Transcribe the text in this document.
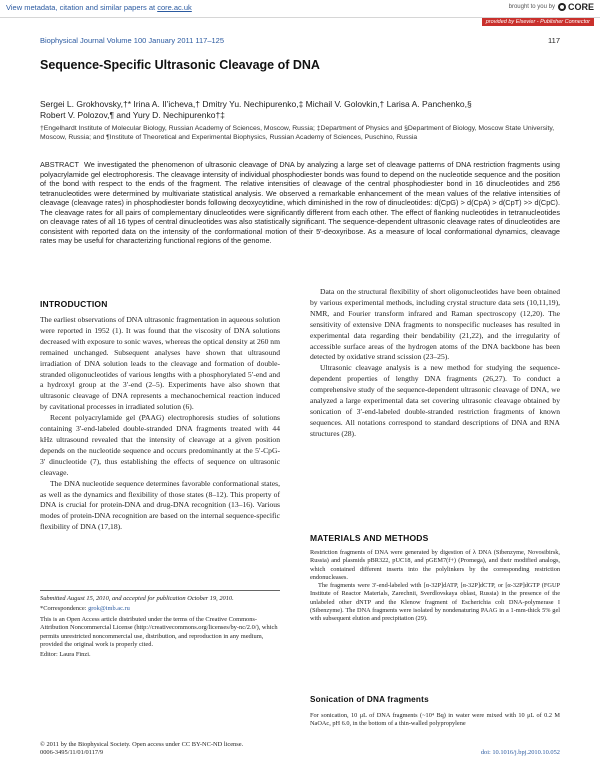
View metadata, citation and similar papers at core.ac.uk	brought to you by CORE
provided by Elsevier - Publisher Connector
Biophysical Journal Volume 100 January 2011 117–125	117
Sequence-Specific Ultrasonic Cleavage of DNA
Sergei L. Grokhovsky,†* Irina A. Il’icheva,† Dmitry Yu. Nechipurenko,‡ Michail V. Golovkin,† Larisa A. Panchenko,§
Robert V. Polozov,¶ and Yury D. Nechipurenko†‡
†Engelhardt Institute of Molecular Biology, Russian Academy of Sciences, Moscow, Russia; ‡Department of Physics and §Department of Biology, Moscow State University, Moscow, Russia; and ¶Institute of Theoretical and Experimental Biophysics, Russian Academy of Sciences, Puschino, Russia
ABSTRACT We investigated the phenomenon of ultrasonic cleavage of DNA by analyzing a large set of cleavage patterns of DNA restriction fragments using polyacrylamide gel electrophoresis. The cleavage intensity of individual phosphodiester bonds was found to depend on the nucleotide sequence and the position of the bond with respect to the ends of the fragment. The relative intensities of cleavage of the central phosphodiester bond in 16 dinucleotides and 256 tetranucleotides were determined by multivariate statistical analysis. We observed a remarkable enhancement of the mean values of the relative intensities of cleavage (cleavage rates) in phosphodiester bonds following deoxycytidine, which diminished in the row of dinucleotides: d(CpG) > d(CpA) > d(CpT) >> d(CpC). The cleavage rates for all pairs of complementary dinucleotides were significantly different from each other. The effect of flanking nucleotides in tetranucleotides on cleavage rates of all 16 types of central dinucleotides was also statistically significant. The sequence-dependent ultrasonic cleavage rates of dinucleotides are consistent with reported data on the intensity of the conformational motion of their 5′-deoxyribose. As a measure of local conformational dynamics, cleavage rates may be useful for characterizing functional regions of the genome.
INTRODUCTION

The earliest observations of DNA ultrasonic fragmentation in aqueous solution were reported in 1952 (1). It was found that the viscosity of DNA solutions decreased with exposure to sonic waves, whereas the optical density at 260 nm remained unchanged. Subsequent analyses have shown that ultrasound irradiation of DNA solution leads to the cleavage and formation of double-stranded oligonucleotides of various lengths with a phosphorylated 5′-end and a hydroxyl group at the 3′-end (2–5). Experiments have also shown that ultrasonic cleavage of DNA represents a mechanochemical reaction induced by cavitational processes in irradiated solution (6).

Recent polyacrylamide gel (PAAG) electrophoresis studies of solutions containing 3′-end-labeled double-stranded DNA fragments treated with 44 kHz ultrasound revealed that the intensity of cleavage at a given position depends on the nucleotide sequence and occurs predominantly at the 5′-CpG-3′ dinucleotide (7), thus establishing the effects of sequence on ultrasonic cleavage.

The DNA nucleotide sequence determines favorable conformational states, as well as the dynamics and flexibility of those states (8–12). This property of DNA is crucial for protein-DNA and drug-DNA recognition (13–16). Various modes of protein-DNA recognition are based on the internal sequence-specific flexibility of DNA (17,18).

Data on the structural flexibility of short oligonucleotides have been obtained by various experimental methods, including crystal structure data sets (10,11,19), NMR, and Fourier transform infrared and Raman spectroscopy (12,20). The sensitivity of extensive DNA fragments to nonspecific nucleases has resulted in experimental data regarding their bendability (21,22), and the irregularity of accessible surface areas of the hydrogen atoms of the DNA backbone has been detected by oxidative strand scission (23–25).

Ultrasonic cleavage analysis is a new method for studying the sequence-dependent properties of lengthy DNA fragments (26,27). To conduct a comprehensive study of the sequence-dependent ultrasonic cleavage of DNA, we analyzed a large experimental data set covering ultrasonic cleavage obtained by sonication of 3′-end-labeled double-stranded restriction fragments of known sequences. All notations correspond to standard descriptions of DNA and RNA structures (28).

MATERIALS AND METHODS

Restriction fragments of DNA were generated by digestion of λ DNA (Sibenzyme, Novosibirsk, Russia) and plasmids pBR322, pUC18, and pGEM7(f+) (Promega), and their modified analogs, which contained different inserts into the polylinkers by the corresponding restriction endonucleases.

The fragments were 3′-end-labeled with [α-32P]dATP, [α-32P]dCTP, or [α-32P]dGTP (FGUP Institute of Reactor Materials, Zarechnii, Sverdlovskaya oblast, Russia) in the presence of the unlabeled other dNTP and the Klenow fragment of Escherichia coli DNA-polymerase I (Sibenzyme). The DNA fragments were isolated by nondenaturing PAAG in a 1-mm-thick 5% gel with subsequent elution and precipitation (29).

Sonication of DNA fragments

For sonication, 10 μL of DNA fragments (~10⁴ Bq) in water were mixed with 10 μL of 0.2 M NaOAc, pH 6.0, in the bottom of a thin-walled polypropylene

Submitted August 15, 2010, and accepted for publication October 19, 2010.

*Correspondence: grok@imb.ac.ru

This is an Open Access article distributed under the terms of the Creative Commons-Attribution Noncommercial License (http://creativecommons.org/licenses/by-nc/2.0/), which permits unrestricted noncommercial use, distribution, and reproduction in any medium, provided the original work is properly cited.

Editor: Laura Finzi.

© 2011 by the Biophysical Society. Open access under CC BY-NC-ND license.
0006-3495/11/01/0117/9	doi: 10.1016/j.bpj.2010.10.052
